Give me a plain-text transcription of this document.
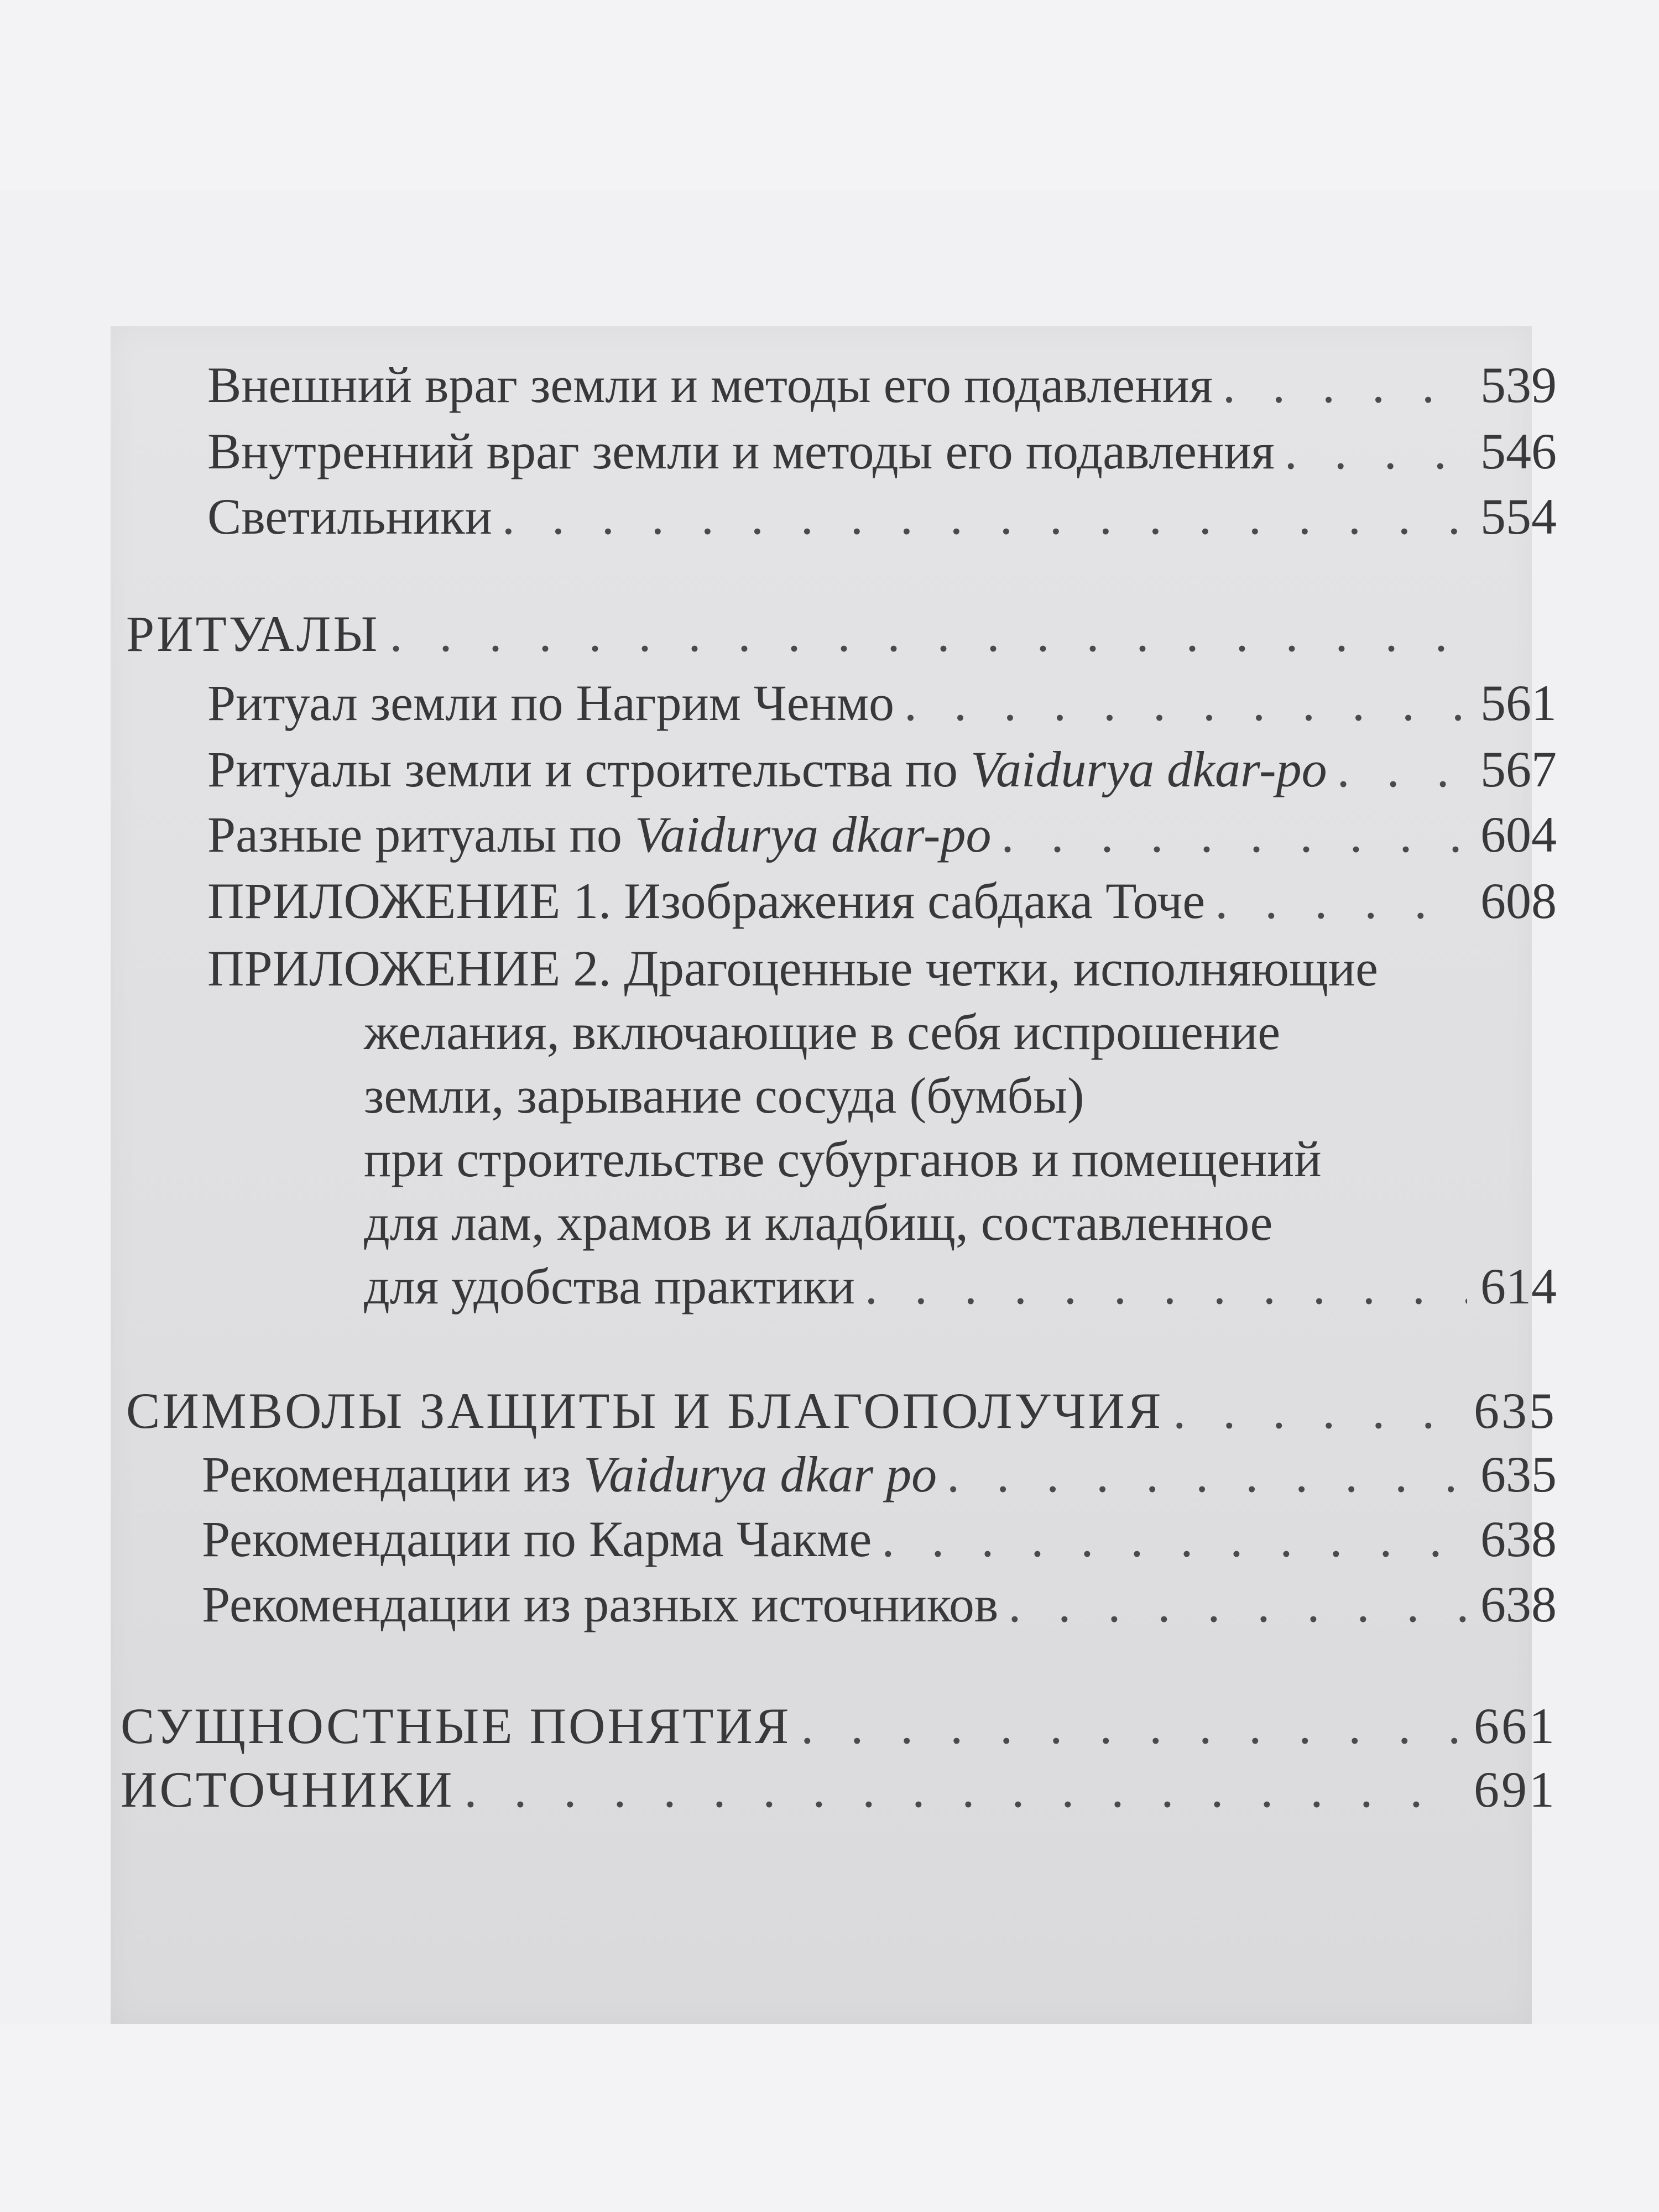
Внешний враг земли и методы его подавления . . .	539
Внутренний враг земли и методы его подавления . . .	546
Светильники . . .	554
РИТУАЛЫ
. . .
Ритуал земли по Нагрим Ченмо . . .	561
Ритуалы земли и строительства по Vaidurya dkar-po . . .	567
Разные ритуалы по Vaidurya dkar-po . . .	604
ПРИЛОЖЕНИЕ 1. Изображения сабдака Точе . . .	608
ПРИЛОЖЕНИЕ 2. Драгоценные четки, исполняющие
желания, включающие в себя испрошение
земли, зарывание сосуда (бумбы)
при строительстве субурганов и помещений
для лам, храмов и кладбищ, составленное
для удобства практики . . .	614
СИМВОЛЫ ЗАЩИТЫ И БЛАГОПОЛУЧИЯ . . .	635
Рекомендации из Vaidurya dkar po . . .	635
Рекомендации по Карма Чакме . . .	638
Рекомендации из разных источников . . .	638
СУЩНОСТНЫЕ ПОНЯТИЯ . . .	661
ИСТОЧНИКИ . . .	691
